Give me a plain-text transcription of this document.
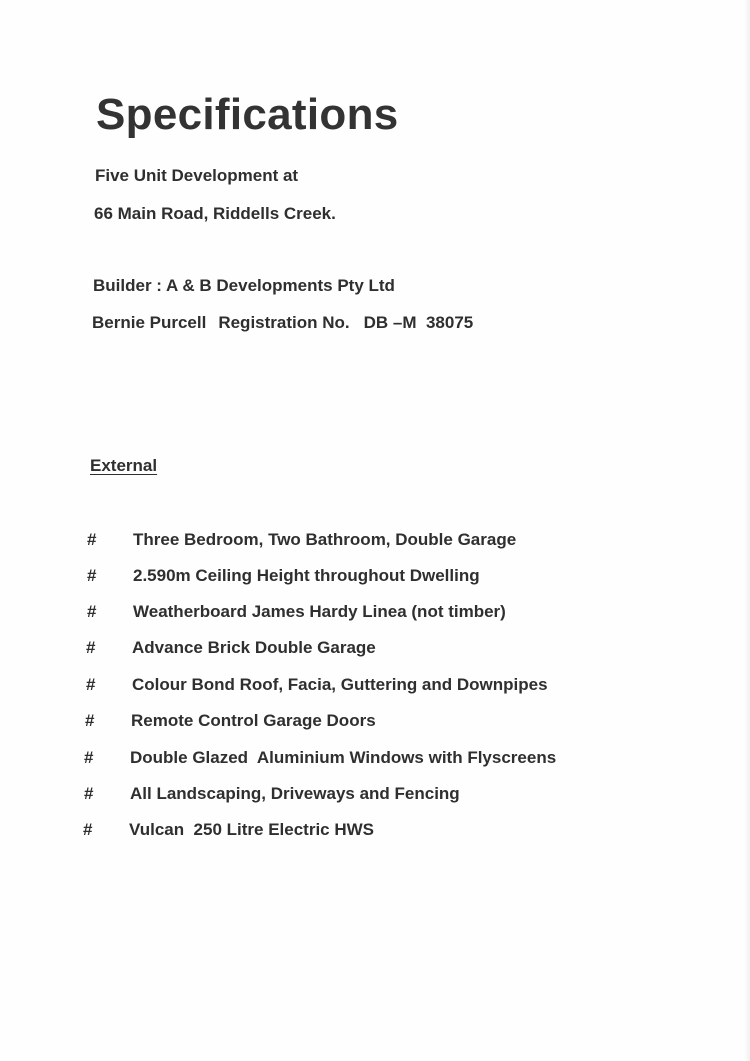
Specifications
Five Unit Development at
66 Main Road, Riddells Creek.
Builder : A & B Developments Pty Ltd
Bernie Purcell Registration No. DB –M  38075
External
# Three Bedroom, Two Bathroom, Double Garage
# 2.590m Ceiling Height throughout Dwelling
# Weatherboard James Hardy Linea (not timber)
# Advance Brick Double Garage
# Colour Bond Roof, Facia, Guttering and Downpipes
# Remote Control Garage Doors
# Double Glazed  Aluminium Windows with Flyscreens
# All Landscaping, Driveways and Fencing
# Vulcan  250 Litre Electric HWS
